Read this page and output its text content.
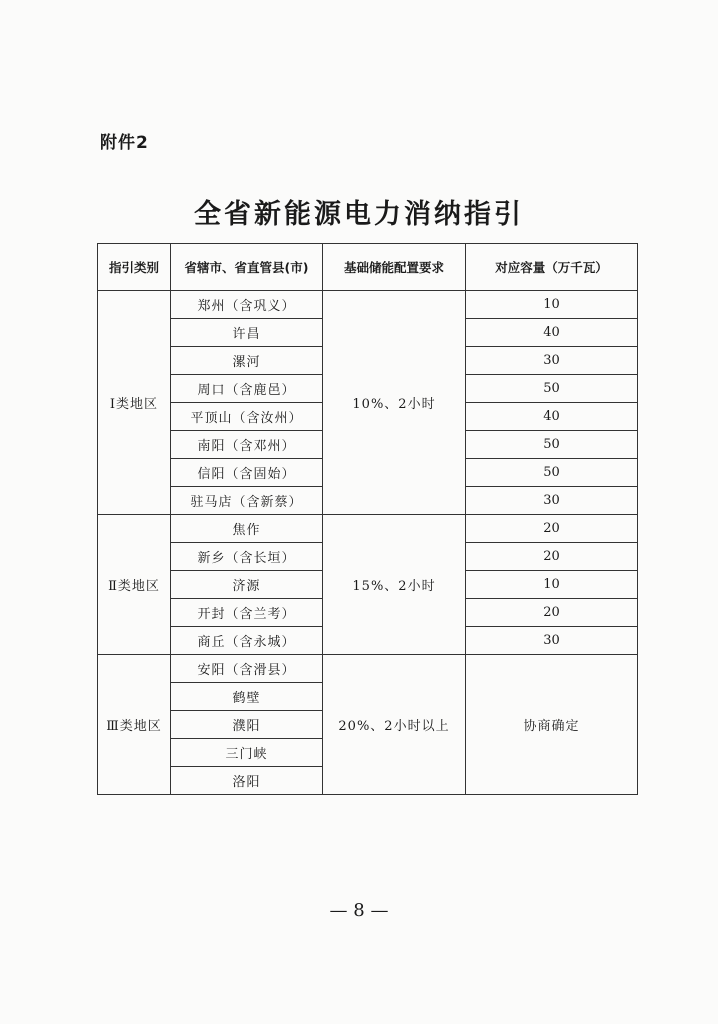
附件2
全省新能源电力消纳指引
指引类别	省辖市、省直管县(市)	基础储能配置要求	对应容量（万千瓦）
Ⅰ类地区	郑州（含巩义）	10%、2小时	10
	许昌		40
	漯河		30
	周口（含鹿邑）		50
	平顶山（含汝州）		40
	南阳（含邓州）		50
	信阳（含固始）		50
	驻马店（含新蔡）		30
Ⅱ类地区	焦作	15%、2小时	20
	新乡（含长垣）		20
	济源		10
	开封（含兰考）		20
	商丘（含永城）		30
Ⅲ类地区	安阳（含滑县）	20%、2小时以上	协商确定
	鹤壁		
	濮阳		
	三门峡		
	洛阳		
— 8 —
